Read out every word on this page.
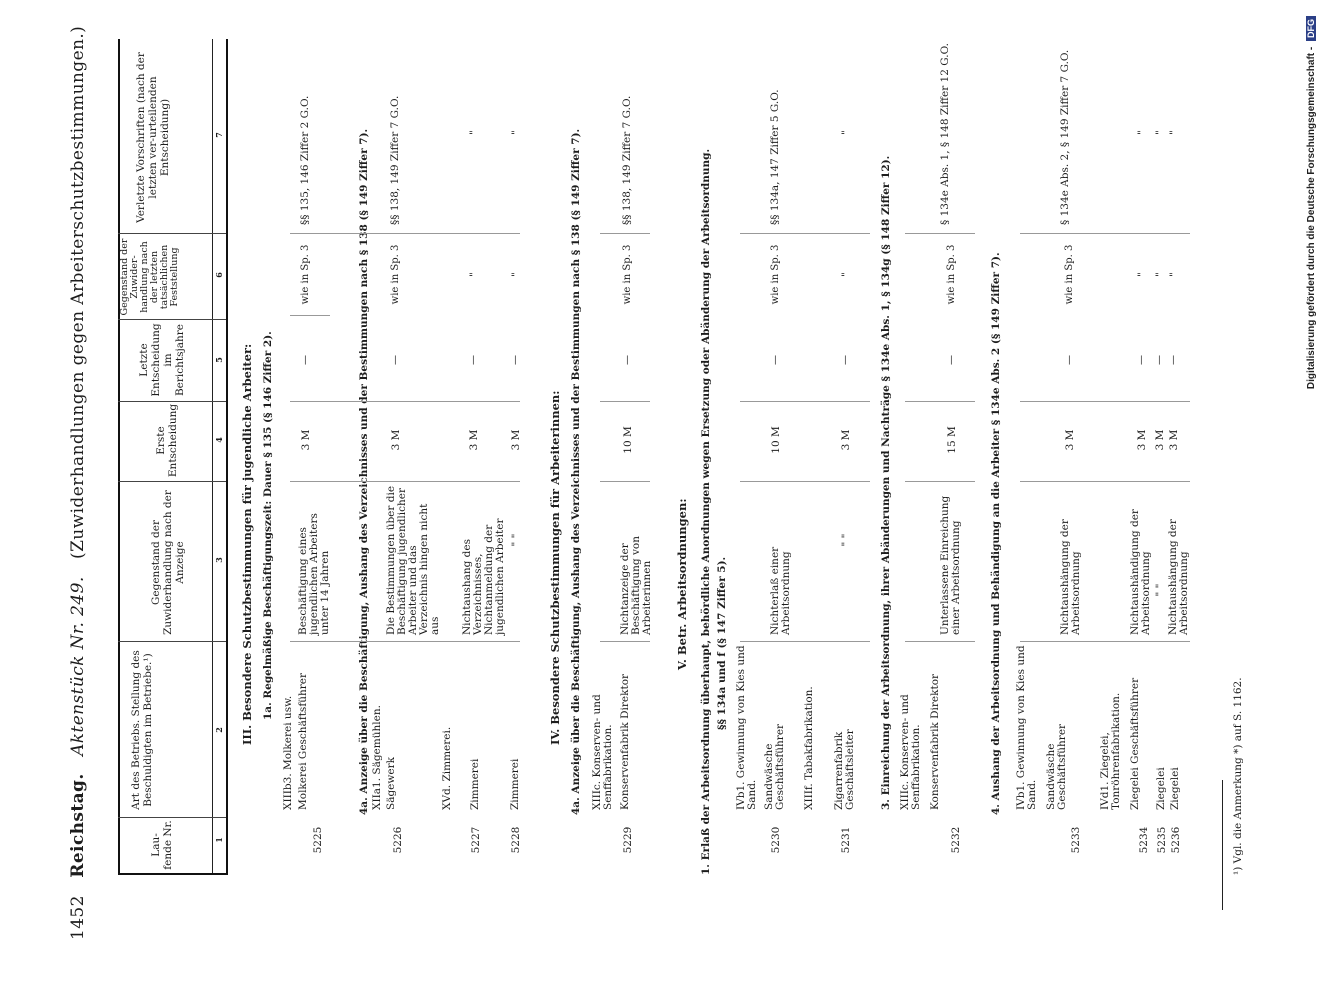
1452   Reichstag.   Aktenstück Nr. 249.   (Zuwiderhandlungen gegen Arbeiterschutzbestimmungen.)
Lau-fende Nr.
Art des Betriebs. Stellung des Beschuldigten im Betriebe.¹)
Gegenstand der Zuwiderhandlung nach der Anzeige
Erste Entscheidung
Letzte Entscheidung im Berichtsjahre
Gegenstand der Zuwider-handlung nach der letzten tatsächlichen Feststellung
Verletzte Vorschriften (nach der letzten ver-urteilenden Entscheidung)
1
2
3
4
5
6
7
III. Besondere Schutzbestimmungen für jugendliche Arbeiter: 1a. Regelmäßige Beschäftigungszeit: Dauer § 135 (§ 146 Ziffer 2).
5225
XIIIb3. Molkerei usw. Molkerei Geschäftsführer
Beschäftigung eines jugendlichen Arbeiters unter 14 Jahren
3 M
—
wie in Sp. 3
§§ 135, 146 Ziffer 2 G.O.	4a. Anzeige über die Beschäftigung, Aushang des Verzeichnisses und der Bestimmungen nach § 138 (§ 149 Ziffer 7).
5226
XIIa1. Sägemühlen. Sägewerk
Die Bestimmungen über die Beschäftigung jugendlicher Arbeiter und das Verzeichnis hingen nicht aus
3 M
—
wie in Sp. 3
§§ 138, 149 Ziffer 7 G.O.
5227
XVd. Zimmerei. Zimmerei
Nichtaushang des Verzeichnisses, Nichtanmeldung der jugendlichen Arbeiter
3 M
—
"
"
5228
Zimmerei
" "
3 M
—
"
"
IV. Besondere Schutzbestimmungen für Arbeiterinnen: 4a. Anzeige über die Beschäftigung, Aushang des Verzeichnisses und der Bestimmungen nach § 138 (§ 149 Ziffer 7).
5229
XIIIc. Konserven- und Senffabrikation. Konservenfabrik Direktor
Nichtanzeige der Beschäftigung von Arbeiterinnen
10 M
—
wie in Sp. 3
§§ 138, 149 Ziffer 7 G.O.
V. Betr. Arbeitsordnungen: 1. Erlaß der Arbeitsordnung überhaupt, behördliche Anordnungen wegen Ersetzung oder Abänderung der Arbeitsordnung. §§ 134a und f (§ 147 Ziffer 5).
5230
IVb1. Gewinnung von Kies und Sand. Sandwäsche Geschäftsführer
Nichterlaß einer Arbeitsordnung
10 M
—
wie in Sp. 3
§§ 134a, 147 Ziffer 5 G.O.
5231
XIIIf. Tabakfabrikation. Zigarrenfabrik Geschäftsleiter
" "
3 M
—
"
"
3. Einreichung der Arbeitsordnung, ihrer Abänderungen und Nachträge § 134e Abs. 1, § 134g (§ 148 Ziffer 12).
5232
XIIIc. Konserven- und Senffabrikation. Konservenfabrik Direktor
Unterlassene Einreichung einer Arbeitsordnung
15 M
—
wie in Sp. 3
§ 134e Abs. 1, § 148 Ziffer 12 G.O.
4. Aushang der Arbeitsordnung und Behändigung an die Arbeiter § 134e Abs. 2 (§ 149 Ziffer 7).
5233
IVb1. Gewinnung von Kies und Sand. Sandwäsche Geschäftsführer
Nichtaushängung der Arbeitsordnung
3 M
—
wie in Sp. 3
§ 134e Abs. 2, § 149 Ziffer 7 G.O.
5234
IVd1. Ziegelei, Tonröhrenfabrikation. Ziegelei Geschäftsführer
Nichtaushändigung der Arbeitsordnung
3 M
—
"
"
5235
Ziegelei
" "
3 M
—
"
"
5236
Ziegelei
Nichtaushängung der Arbeitsordnung
3 M
—
"
"
¹) Vgl. die Anmerkung *) auf S. 1162.
Digitalisierung gefördert durch die Deutsche Forschungsgemeinschaft - DFG
